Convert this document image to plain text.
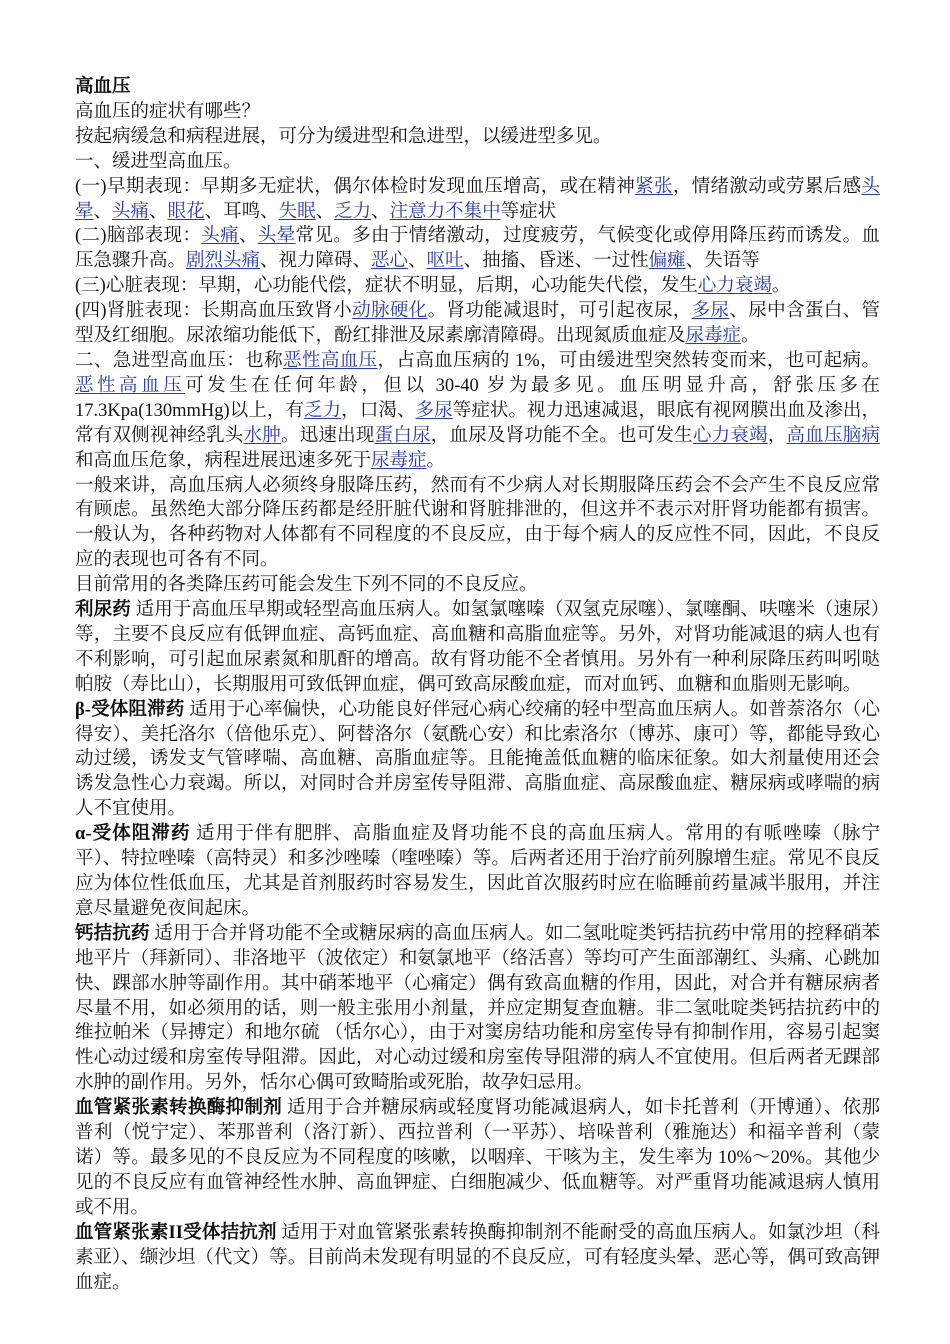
高血压

高血压的症状有哪些？

按起病缓急和病程进展，可分为缓进型和急进型，以缓进型多见。

一、缓进型高血压。

(一)早期表现：早期多无症状，偶尔体检时发现血压增高，或在精神紧张，情绪激动或劳累后感头晕、头痛、眼花、耳鸣、失眠、乏力、注意力不集中等症状

(二)脑部表现：头痛、头晕常见。多由于情绪激动，过度疲劳，气候变化或停用降压药而诱发。血压急骤升高。剧烈头痛、视力障碍、恶心、呕吐、抽搐、昏迷、一过性偏瘫、失语等

(三)心脏表现：早期，心功能代偿，症状不明显，后期，心功能失代偿，发生心力衰竭。

(四)肾脏表现：长期高血压致肾小动脉硬化。肾功能减退时，可引起夜尿，多尿、尿中含蛋白、管型及红细胞。尿浓缩功能低下，酚红排泄及尿素廓清障碍。出现氮质血症及尿毒症。

二、急进型高血压：也称恶性高血压，占高血压病的 1%，可由缓进型突然转变而来，也可起病。恶性高血压可发生在任何年龄，但以 30-40 岁为最多见。血压明显升高，舒张压多在 17.3Kpa(130mmHg)以上，有乏力，口渴、多尿等症状。视力迅速减退，眼底有视网膜出血及渗出，常有双侧视神经乳头水肿。迅速出现蛋白尿，血尿及肾功能不全。也可发生心力衰竭，高血压脑病和高血压危象，病程进展迅速多死于尿毒症。

一般来讲，高血压病人必须终身服降压药，然而有不少病人对长期服降压药会不会产生不良反应常有顾虑。虽然绝大部分降压药都是经肝脏代谢和肾脏排泄的，但这并不表示对肝肾功能都有损害。一般认为，各种药物对人体都有不同程度的不良反应，由于每个病人的反应性不同，因此，不良反应的表现也可各有不同。

目前常用的各类降压药可能会发生下列不同的不良反应。

利尿药 适用于高血压早期或轻型高血压病人。如氢氯噻嗪（双氢克尿噻）、氯噻酮、呋噻米（速尿）等，主要不良反应有低钾血症、高钙血症、高血糖和高脂血症等。另外，对肾功能减退的病人也有不利影响，可引起血尿素氮和肌酐的增高。故有肾功能不全者慎用。另外有一种利尿降压药叫吲哒帕胺（寿比山），长期服用可致低钾血症，偶可致高尿酸血症，而对血钙、血糖和血脂则无影响。

β-受体阻滞药 适用于心率偏快，心功能良好伴冠心病心绞痛的轻中型高血压病人。如普萘洛尔（心得安）、美托洛尔（倍他乐克）、阿替洛尔（氨酰心安）和比索洛尔（博苏、康可）等，都能导致心动过缓，诱发支气管哮喘、高血糖、高脂血症等。且能掩盖低血糖的临床征象。如大剂量使用还会诱发急性心力衰竭。所以，对同时合并房室传导阻滞、高脂血症、高尿酸血症、糖尿病或哮喘的病人不宜使用。

α-受体阻滞药 适用于伴有肥胖、高脂血症及肾功能不良的高血压病人。常用的有哌唑嗪（脉宁平）、特拉唑嗪（高特灵）和多沙唑嗪（喹唑嗪）等。后两者还用于治疗前列腺增生症。常见不良反应为体位性低血压，尤其是首剂服药时容易发生，因此首次服药时应在临睡前药量减半服用，并注意尽量避免夜间起床。

钙拮抗药 适用于合并肾功能不全或糖尿病的高血压病人。如二氢吡啶类钙拮抗药中常用的控释硝苯地平片（拜新同）、非洛地平（波依定）和氨氯地平（络活喜）等均可产生面部潮红、头痛、心跳加快、踝部水肿等副作用。其中硝苯地平（心痛定）偶有致高血糖的作用，因此，对合并有糖尿病者尽量不用，如必须用的话，则一般主张用小剂量，并应定期复查血糖。非二氢吡啶类钙拮抗药中的维拉帕米（异搏定）和地尔硫 （恬尔心），由于对窦房结功能和房室传导有抑制作用，容易引起窦性心动过缓和房室传导阻滞。因此，对心动过缓和房室传导阻滞的病人不宜使用。但后两者无踝部水肿的副作用。另外，恬尔心偶可致畸胎或死胎，故孕妇忌用。

血管紧张素转换酶抑制剂 适用于合并糖尿病或轻度肾功能减退病人，如卡托普利（开博通）、依那普利（悦宁定）、苯那普利（洛汀新）、西拉普利（一平苏）、培哚普利（雅施达）和福辛普利（蒙诺）等。最多见的不良反应为不同程度的咳嗽，以咽痒、干咳为主，发生率为 10%～20%。其他少见的不良反应有血管神经性水肿、高血钾症、白细胞减少、低血糖等。对严重肾功能减退病人慎用或不用。

血管紧张素II受体拮抗剂 适用于对血管紧张素转换酶抑制剂不能耐受的高血压病人。如氯沙坦（科素亚）、缬沙坦（代文）等。目前尚未发现有明显的不良反应，可有轻度头晕、恶心等，偶可致高钾血症。
